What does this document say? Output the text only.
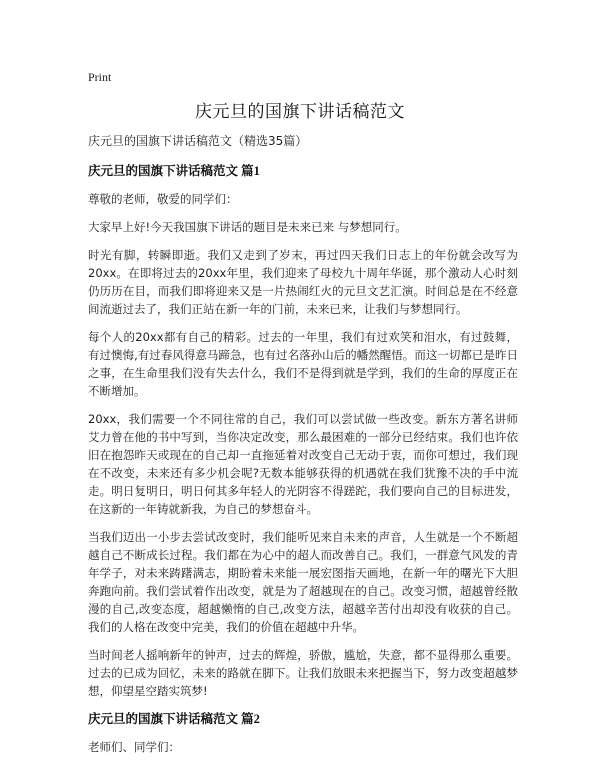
Print
庆元旦的国旗下讲话稿范文

庆元旦的国旗下讲话稿范文（精选35篇）

庆元旦的国旗下讲话稿范文 篇1

尊敬的老师，敬爱的同学们：

大家早上好!今天我国旗下讲话的题目是未来已来 与梦想同行。

时光有脚，转瞬即逝。我们又走到了岁末，再过四天我们日志上的年份就会改写为20xx。在即将过去的20xx年里，我们迎来了母校九十周年华诞，那个激动人心时刻仍历历在目，而我们即将迎来又是一片热闹红火的元旦文艺汇演。时间总是在不经意间流逝过去了，我们正站在新一年的门前，未来已来，让我们与梦想同行。

每个人的20xx都有自己的精彩。过去的一年里，我们有过欢笑和泪水，有过鼓舞，有过懊悔,有过春风得意马蹄急，也有过名落孙山后的幡然醒悟。而这一切都已是昨日之事，在生命里我们没有失去什么，我们不是得到就是学到，我们的生命的厚度正在不断增加。

20xx，我们需要一个不同往常的自己，我们可以尝试做一些改变。新东方著名讲师艾力曾在他的书中写到，当你决定改变，那么最困难的一部分已经结束。我们也许依旧在抱怨昨天或现在的自己却一直拖延着对改变自己无动于衷，而你可想过，我们现在不改变，未来还有多少机会呢?无数本能够获得的机遇就在我们犹豫不决的手中流走。明日复明日，明日何其多年轻人的光阴容不得蹉跎，我们要向自己的目标进发，在这新的一年铸就新我，为自己的梦想奋斗。

当我们迈出一小步去尝试改变时，我们能听见来自未来的声音，人生就是一个不断超越自己不断成长过程。我们都在为心中的超人而改善自己。我们，一群意气风发的青年学子，对未来踌躇满志，期盼着未来能一展宏图指天画地，在新一年的曙光下大胆奔跑向前。我们尝试着作出改变，就是为了超越现在的自己。改变习惯，超越曾经散漫的自己,改变态度，超越懒惰的自己,改变方法，超越辛苦付出却没有收获的自己。我们的人格在改变中完美，我们的价值在超越中升华。

当时间老人摇响新年的钟声，过去的辉煌，骄傲，尴尬，失意，都不显得那么重要。过去的已成为回忆，未来的路就在脚下。让我们放眼未来把握当下，努力改变超越梦想，仰望星空踏实筑梦!

庆元旦的国旗下讲话稿范文 篇2

老师们、同学们：
